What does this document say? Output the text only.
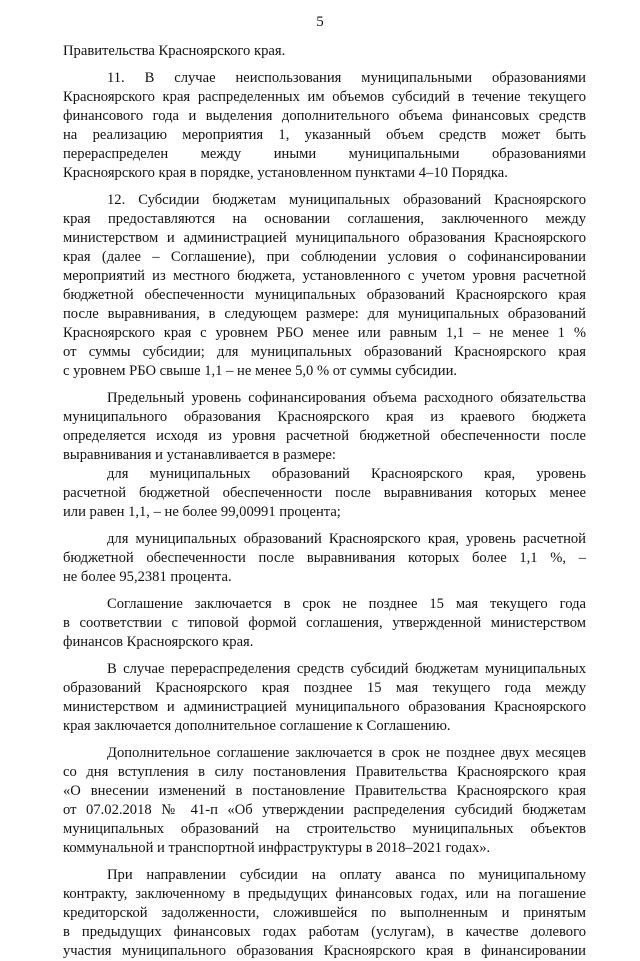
5
Правительства Красноярского края.
11. В случае неиспользования муниципальными образованиями
Красноярского края распределенных им объемов субсидий в течение текущего
финансового года и выделения дополнительного объема финансовых средств
на реализацию мероприятия 1, указанный объем средств может быть
перераспределен между иными муниципальными образованиями
Красноярского края в порядке, установленном пунктами 4–10 Порядка.
12. Субсидии бюджетам муниципальных образований Красноярского
края предоставляются на основании соглашения, заключенного между
министерством и администрацией муниципального образования Красноярского
края (далее – Соглашение), при соблюдении условия о софинансировании
мероприятий из местного бюджета, установленного с учетом уровня расчетной
бюджетной обеспеченности муниципальных образований Красноярского края
после выравнивания, в следующем размере: для муниципальных образований
Красноярского края с уровнем РБО менее или равным 1,1 – не менее 1 %
от суммы субсидии; для муниципальных образований Красноярского края
с уровнем РБО свыше 1,1 – не менее 5,0 % от суммы субсидии.
Предельный уровень софинансирования объема расходного обязательства
муниципального образования Красноярского края из краевого бюджета
определяется исходя из уровня расчетной бюджетной обеспеченности после
выравнивания и устанавливается в размере:
для муниципальных образований Красноярского края, уровень
расчетной бюджетной обеспеченности после выравнивания которых менее
или равен 1,1, – не более 99,00991 процента;
для муниципальных образований Красноярского края, уровень расчетной
бюджетной обеспеченности после выравнивания которых более 1,1 %, –
не более 95,2381 процента.
Соглашение заключается в срок не позднее 15 мая текущего года
в соответствии с типовой формой соглашения, утвержденной министерством
финансов Красноярского края.
В случае перераспределения средств субсидий бюджетам муниципальных
образований Красноярского края позднее 15 мая текущего года между
министерством и администрацией муниципального образования Красноярского
края заключается дополнительное соглашение к Соглашению.
Дополнительное соглашение заключается в срок не позднее двух месяцев
со дня вступления в силу постановления Правительства Красноярского края
«О внесении изменений в постановление Правительства Красноярского края
от 07.02.2018 № 41-п «Об утверждении распределения субсидий бюджетам
муниципальных образований на строительство муниципальных объектов
коммунальной и транспортной инфраструктуры в 2018–2021 годах».
При направлении субсидии на оплату аванса по муниципальному
контракту, заключенному в предыдущих финансовых годах, или на погашение
кредиторской задолженности, сложившейся по выполненным и принятым
в предыдущих финансовых годах работам (услугам), в качестве долевого
участия муниципального образования Красноярского края в финансировании
